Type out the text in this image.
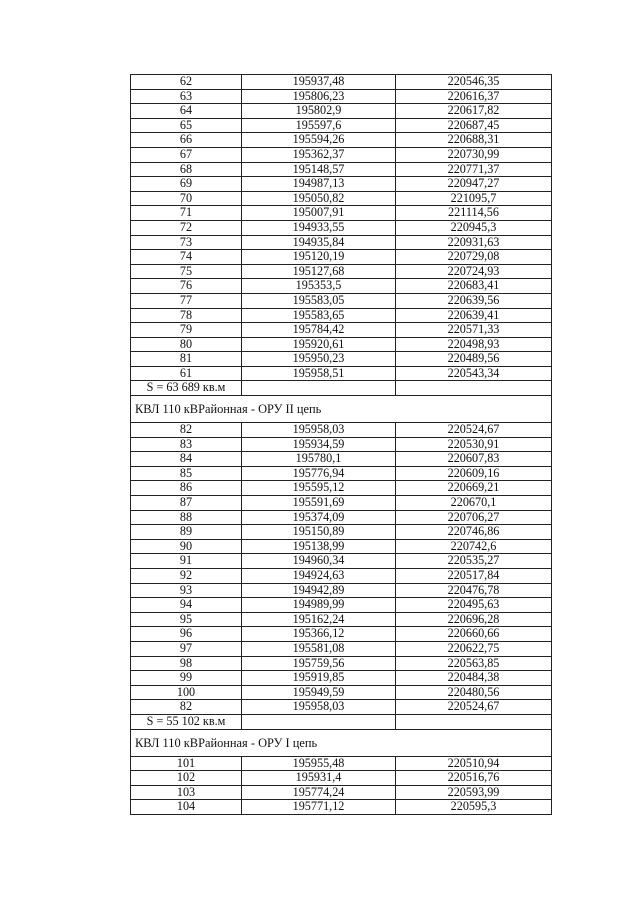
62	195937,48	220546,35
63	195806,23	220616,37
64	195802,9	220617,82
65	195597,6	220687,45
66	195594,26	220688,31
67	195362,37	220730,99
68	195148,57	220771,37
69	194987,13	220947,27
70	195050,82	221095,7
71	195007,91	221114,56
72	194933,55	220945,3
73	194935,84	220931,63
74	195120,19	220729,08
75	195127,68	220724,93
76	195353,5	220683,41
77	195583,05	220639,56
78	195583,65	220639,41
79	195784,42	220571,33
80	195920,61	220498,93
81	195950,23	220489,56
61	195958,51	220543,34
S = 63 689 кв.м		
КВЛ 110 кВРайонная - ОРУ II цепь		
82	195958,03	220524,67
83	195934,59	220530,91
84	195780,1	220607,83
85	195776,94	220609,16
86	195595,12	220669,21
87	195591,69	220670,1
88	195374,09	220706,27
89	195150,89	220746,86
90	195138,99	220742,6
91	194960,34	220535,27
92	194924,63	220517,84
93	194942,89	220476,78
94	194989,99	220495,63
95	195162,24	220696,28
96	195366,12	220660,66
97	195581,08	220622,75
98	195759,56	220563,85
99	195919,85	220484,38
100	195949,59	220480,56
82	195958,03	220524,67
S = 55 102 кв.м		
КВЛ 110 кВРайонная - ОРУ I цепь		
101	195955,48	220510,94
102	195931,4	220516,76
103	195774,24	220593,99
104	195771,12	220595,3
